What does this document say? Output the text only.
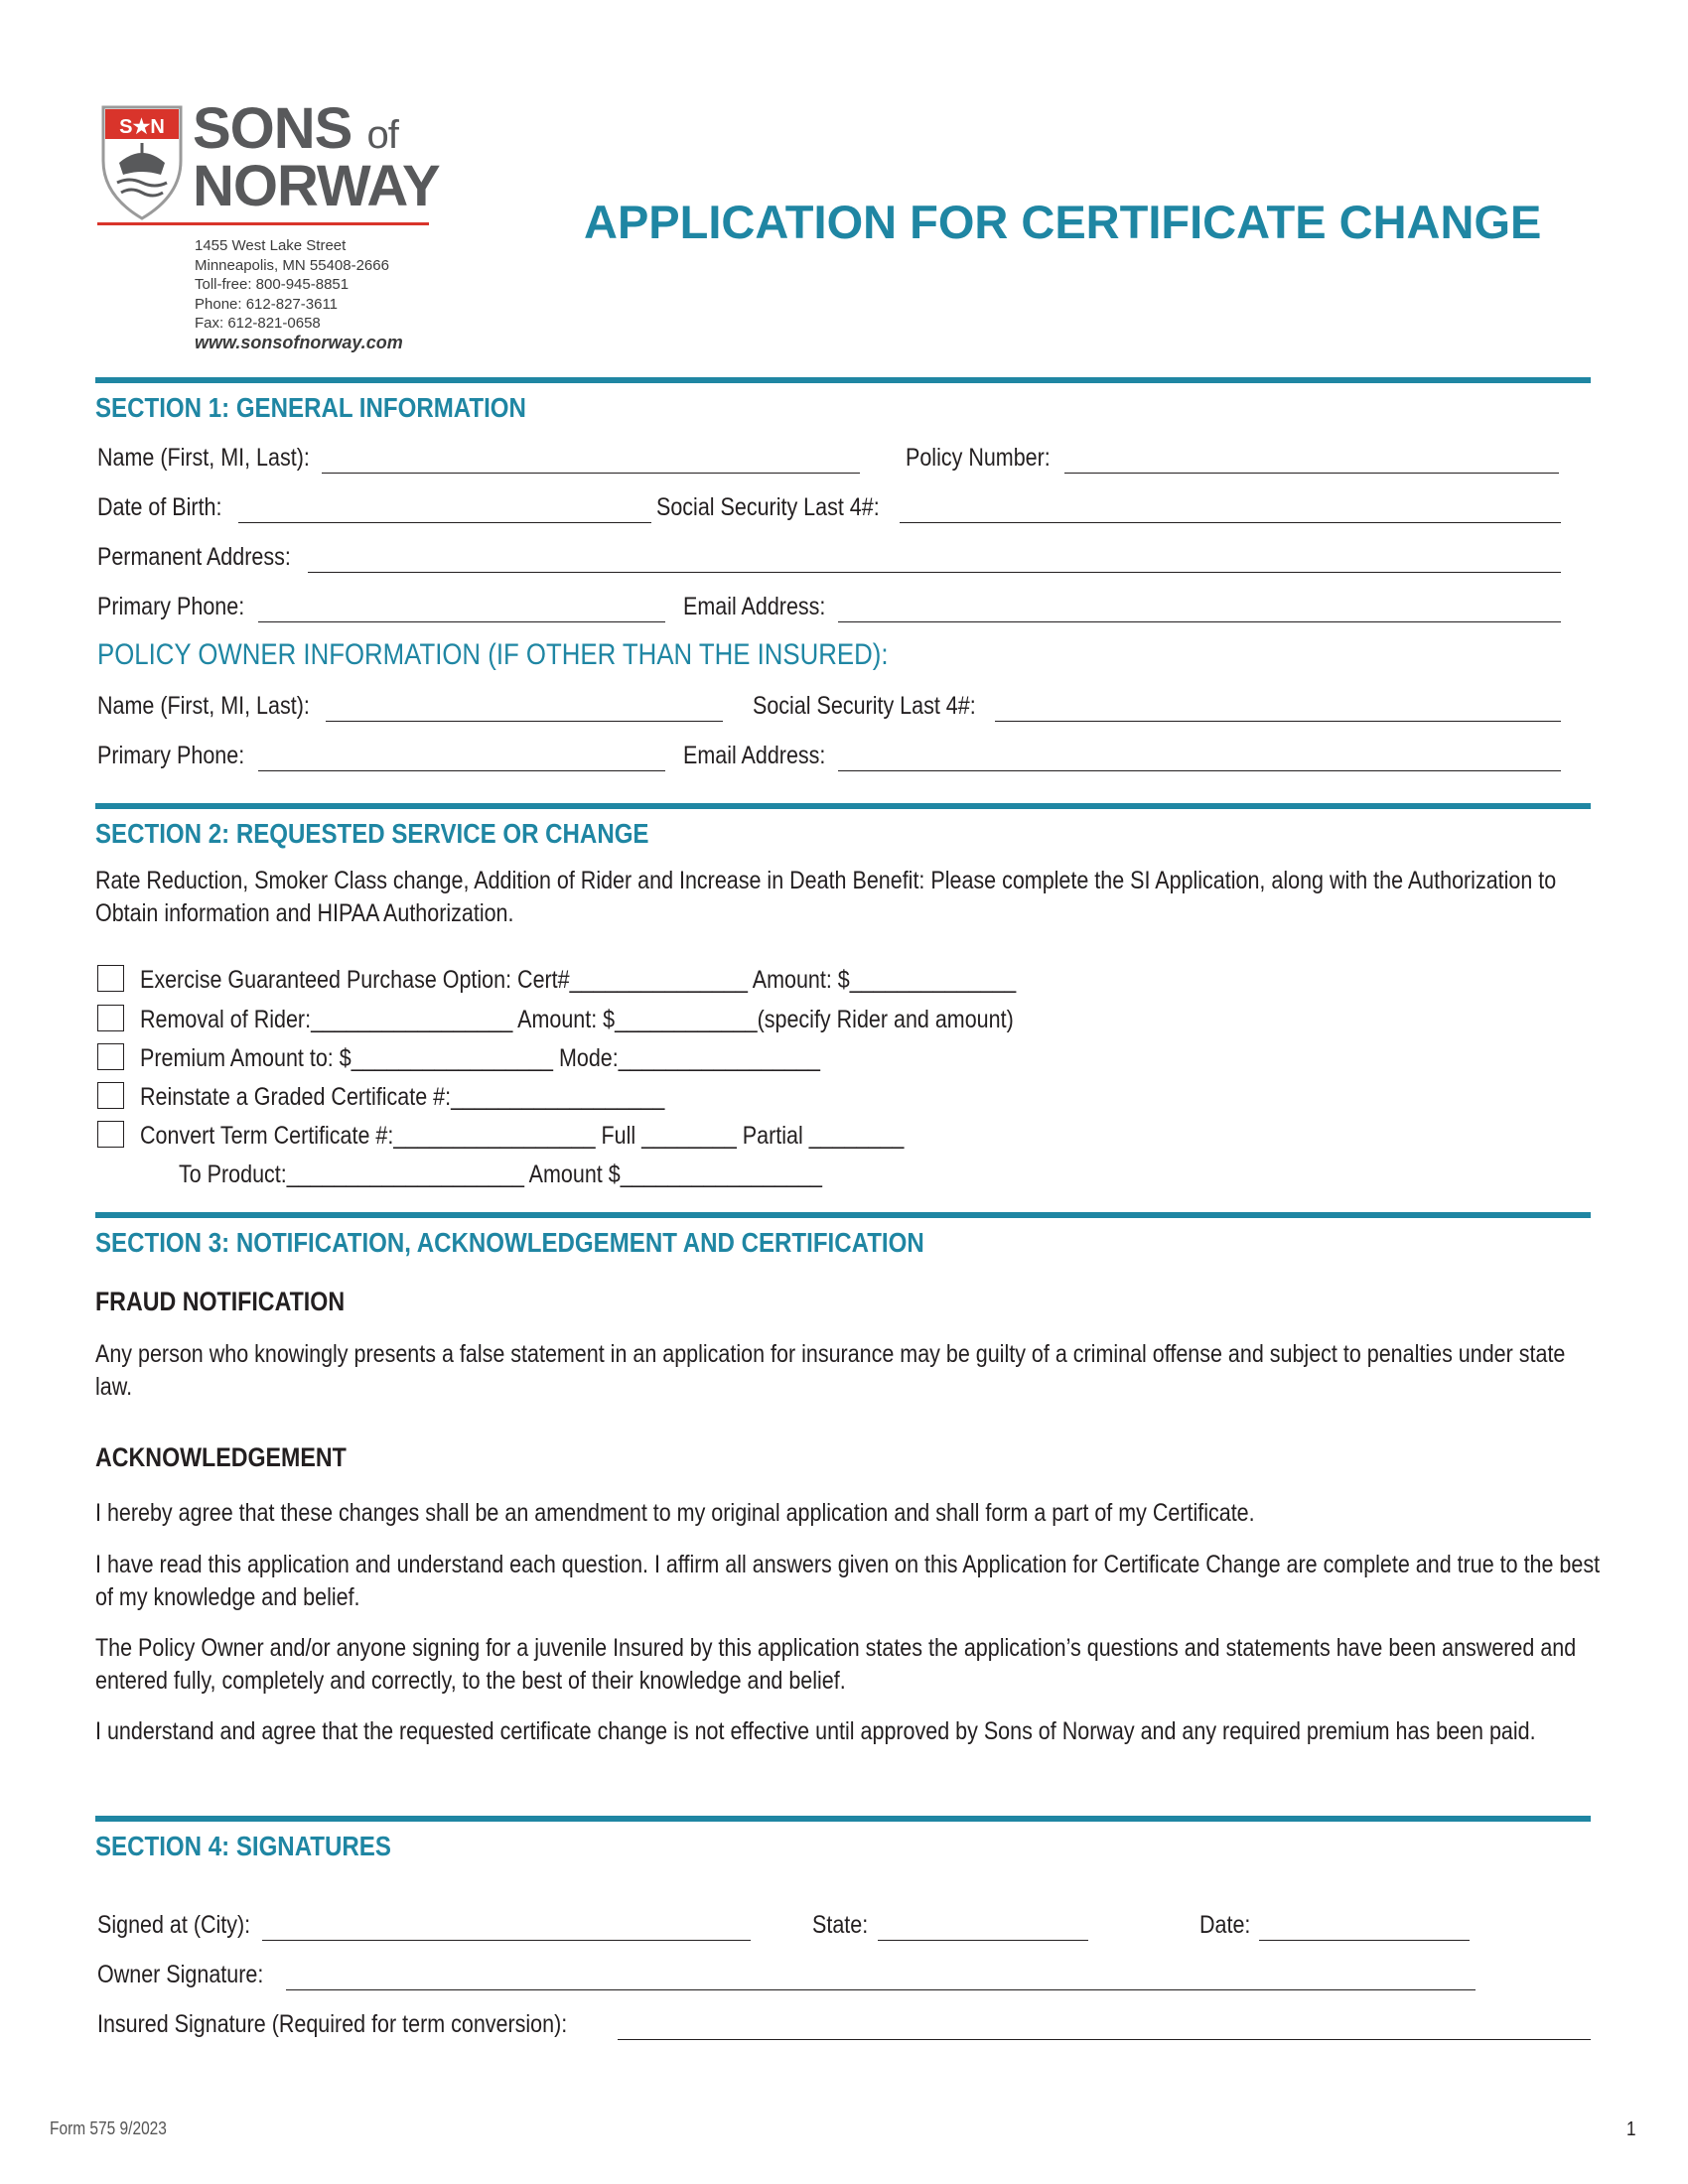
S★N SONS of
NORWAY
1455 West Lake Street
Minneapolis, MN 55408-2666
Toll-free: 800-945-8851
Phone: 612-827-3611
Fax: 612-821-0658
www.sonsofnorway.com
APPLICATION FOR CERTIFICATE CHANGE
SECTION 1: GENERAL INFORMATION
Name (First, MI, Last):	Policy Number:
Date of Birth:	Social Security Last 4#:
Permanent Address:
Primary Phone:	Email Address:
POLICY OWNER INFORMATION (IF OTHER THAN THE INSURED):
Name (First, MI, Last):	Social Security Last 4#:
Primary Phone:	Email Address:
SECTION 2: REQUESTED SERVICE OR CHANGE
Rate Reduction, Smoker Class change, Addition of Rider and Increase in Death Benefit: Please complete the SI Application, along with the Authorization to Obtain information and HIPAA Authorization.
Exercise Guaranteed Purchase Option: Cert#_______________ Amount: $______________
Removal of Rider:_________________ Amount: $____________(specify Rider and amount)
Premium Amount to: $_________________ Mode:_________________
Reinstate a Graded Certificate #:__________________
Convert Term Certificate #:_________________ Full ________ Partial ________
To Product:____________________ Amount $_________________
SECTION 3: NOTIFICATION, ACKNOWLEDGEMENT AND CERTIFICATION
FRAUD NOTIFICATION
Any person who knowingly presents a false statement in an application for insurance may be guilty of a criminal offense and subject to penalties under state law.
ACKNOWLEDGEMENT
I hereby agree that these changes shall be an amendment to my original application and shall form a part of my Certificate.
I have read this application and understand each question. I affirm all answers given on this Application for Certificate Change are complete and true to the best of my knowledge and belief.
The Policy Owner and/or anyone signing for a juvenile Insured by this application states the application’s questions and statements have been answered and entered fully, completely and correctly, to the best of their knowledge and belief.
I understand and agree that the requested certificate change is not effective until approved by Sons of Norway and any required premium has been paid.
SECTION 4: SIGNATURES
Signed at (City):	State:	Date:
Owner Signature:
Insured Signature (Required for term conversion):
Form 575 9/2023	1
